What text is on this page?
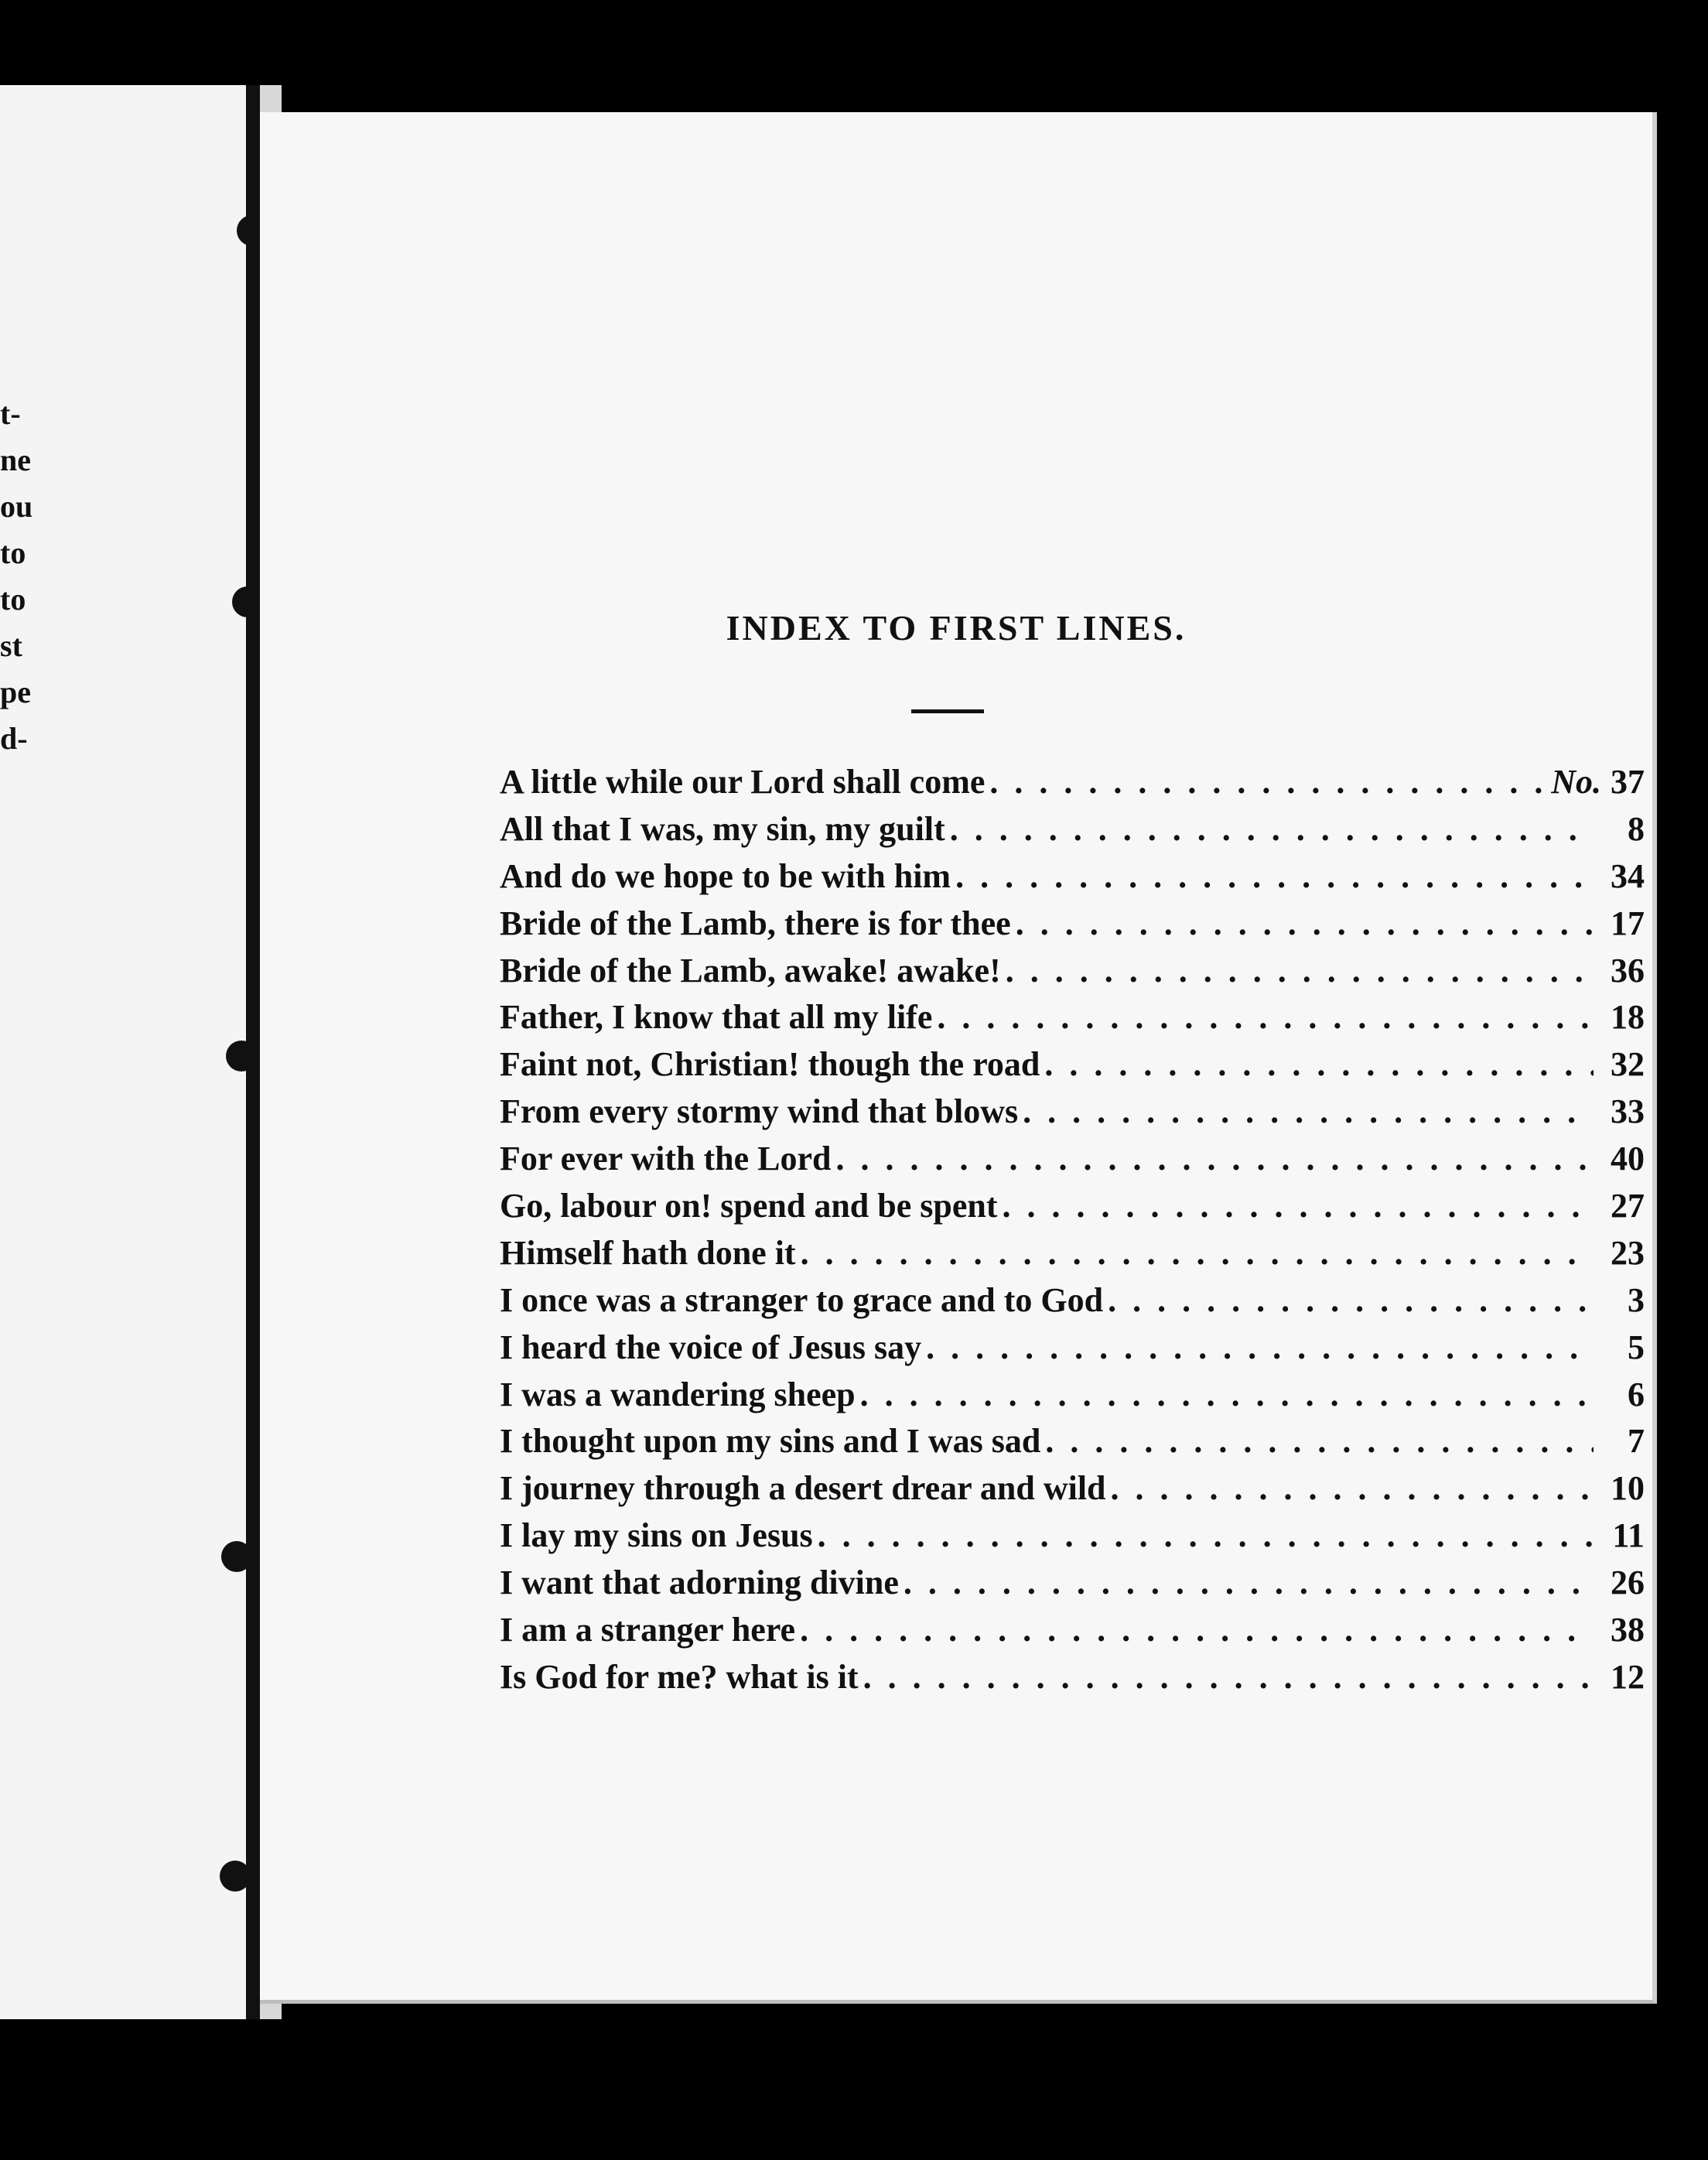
t-
ne
ou
to
to
st
pe
d-
INDEX TO FIRST LINES.
A little while our Lord shall come . . .	No. 37
All that I was, my sin, my guilt . . .	8
And do we hope to be with him . . .	34
Bride of the Lamb, there is for thee . . .	17
Bride of the Lamb, awake! awake! . . .	36
Father, I know that all my life . . .	18
Faint not, Christian! though the road . . .	32
From every stormy wind that blows . . .	33
For ever with the Lord . . .	40
Go, labour on! spend and be spent . . .	27
Himself hath done it . . .	23
I once was a stranger to grace and to God . . .	3
I heard the voice of Jesus say . . .	5
I was a wandering sheep . . .	6
I thought upon my sins and I was sad . . .	7
I journey through a desert drear and wild . . .	10
I lay my sins on Jesus . . .	11
I want that adorning divine . . .	26
I am a stranger here . . .	38
Is God for me? what is it . . .	12
